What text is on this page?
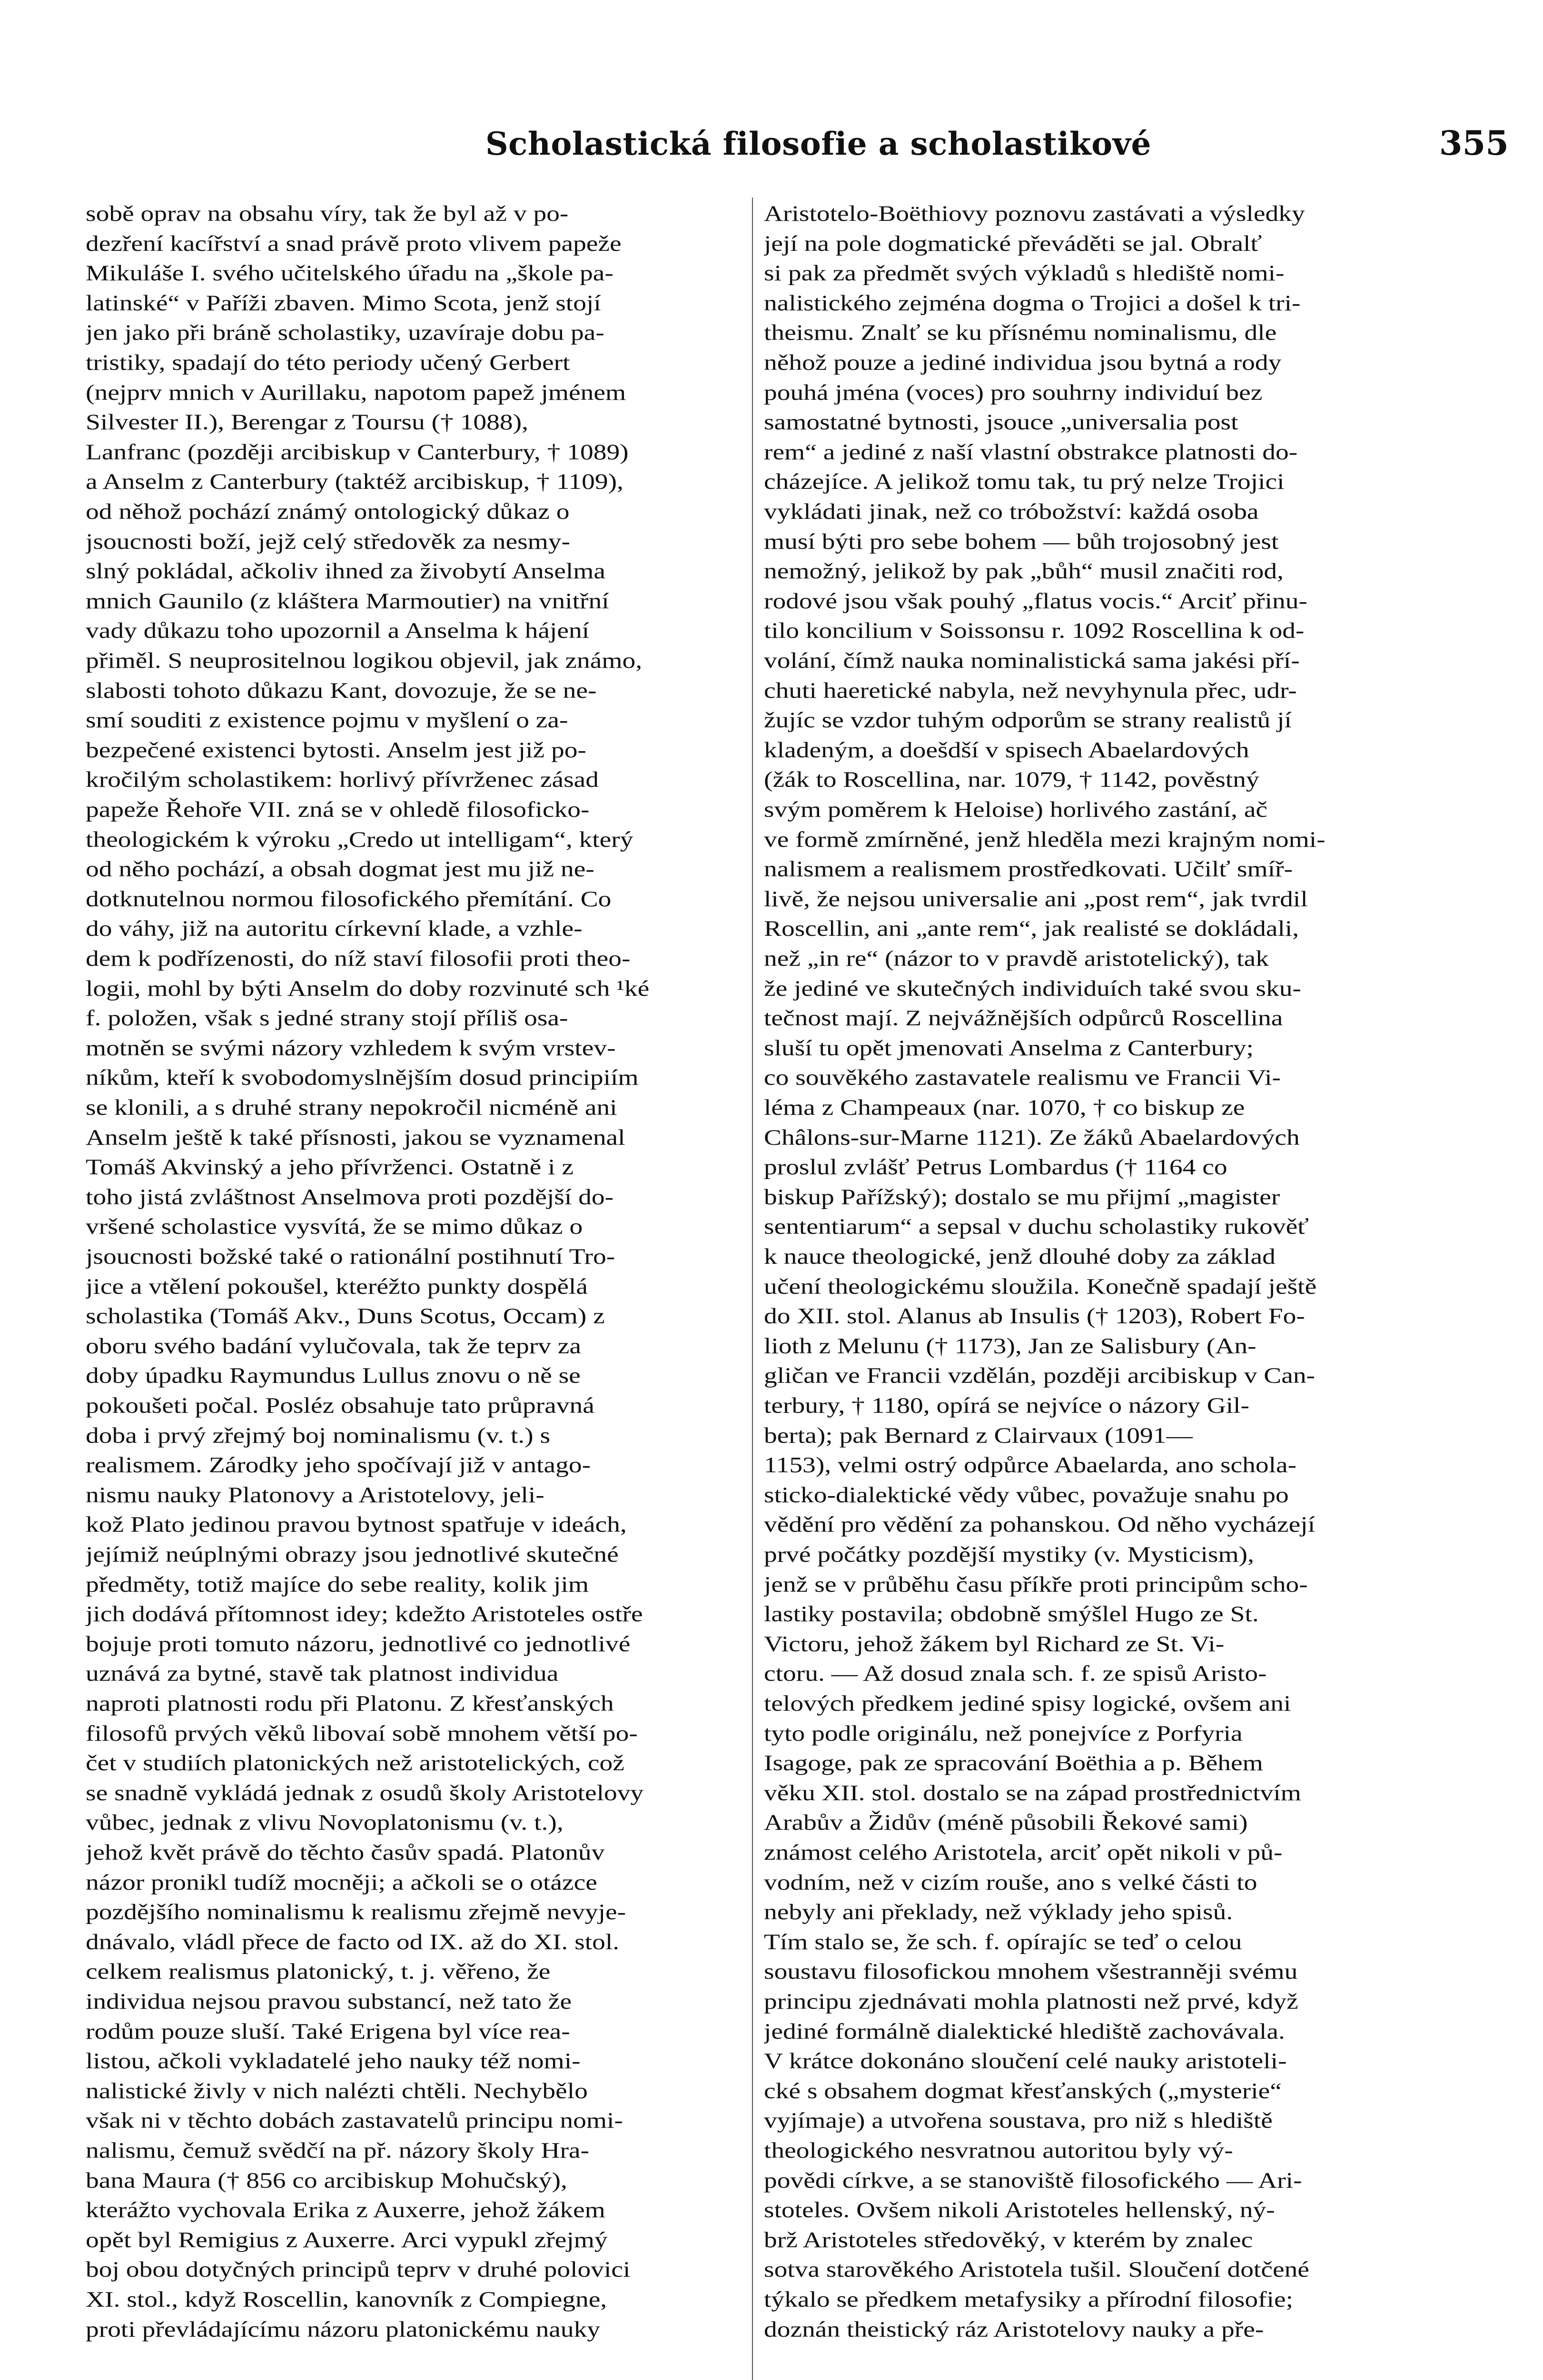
Scholastická filosofie a scholastikové	355
sobě oprav na obsahu víry, tak že byl až v po-
dezření kacířství a snad právě proto vlivem papeže
Mikuláše I. svého učitelského úřadu na „škole pa-
latinské“ v Paříži zbaven. Mimo Scota, jenž stojí
jen jako při bráně scholastiky, uzavíraje dobu pa-
tristiky, spadají do této periody učený Gerbert
(nejprv mnich v Aurillaku, napotom papež jménem
Silvester II.), Berengar z Toursu († 1088),
Lanfranc (později arcibiskup v Canterbury, † 1089)
a Anselm z Canterbury (taktéž arcibiskup, † 1109),
od něhož pochází známý ontologický důkaz o
jsoucnosti boží, jejž celý středověk za nesmy-
slný pokládal, ačkoliv ihned za živobytí Anselma
mnich Gaunilo (z kláštera Marmoutier) na vnitřní
vady důkazu toho upozornil a Anselma k hájení
přiměl. S neuprositelnou logikou objevil, jak známo,
slabosti tohoto důkazu Kant, dovozuje, že se ne-
smí souditi z existence pojmu v myšlení o za-
bezpečené existenci bytosti. Anselm jest již po-
kročilým scholastikem: horlivý přívrženec zásad
papeže Řehoře VII. zná se v ohledě filosoficko-
theologickém k výroku „Credo ut intelligam“, který
od něho pochází, a obsah dogmat jest mu již ne-
dotknutelnou normou filosofického přemítání. Co
do váhy, již na autoritu církevní klade, a vzhle-
dem k podřízenosti, do níž staví filosofii proti theo-
logii, mohl by býti Anselm do doby rozvinuté sch ¹ké
f. položen, však s jedné strany stojí příliš osa-
motněn se svými názory vzhledem k svým vrstev-
níkům, kteří k svobodomyslnějším dosud principiím
se klonili, a s druhé strany nepokročil nicméně ani
Anselm ještě k také přísnosti, jakou se vyznamenal
Tomáš Akvinský a jeho přívrženci. Ostatně i z
toho jistá zvláštnost Anselmova proti pozdější do-
vršené scholastice vysvítá, že se mimo důkaz o
jsoucnosti božské také o rationální postihnutí Tro-
jice a vtělení pokoušel, kteréžto punkty dospělá
scholastika (Tomáš Akv., Duns Scotus, Occam) z
oboru svého badání vylučovala, tak že teprv za
doby úpadku Raymundus Lullus znovu o ně se
pokoušeti počal. Posléz obsahuje tato průpravná
doba i prvý zřejmý boj nominalismu (v. t.) s
realismem. Zárodky jeho spočívají již v antago-
nismu nauky Platonovy a Aristotelovy, jeli-
kož Plato jedinou pravou bytnost spatřuje v ideách,
jejímiž neúplnými obrazy jsou jednotlivé skutečné
předměty, totiž majíce do sebe reality, kolik jim
jich dodává přítomnost idey; kdežto Aristoteles ostře
bojuje proti tomuto názoru, jednotlivé co jednotlivé
uznává za bytné, stavě tak platnost individua
naproti platnosti rodu při Platonu. Z křesťanských
filosofů prvých věků libovaí sobě mnohem větší po-
čet v studiích platonických než aristotelických, což
se snadně vykládá jednak z osudů školy Aristotelovy
vůbec, jednak z vlivu Novoplatonismu (v. t.),
jehož květ právě do těchto časův spadá. Platonův
názor pronikl tudíž mocněji; a ačkoli se o otázce
pozdějšího nominalismu k realismu zřejmě nevyje-
dnávalo, vládl přece de facto od IX. až do XI. stol.
celkem realismus platonický, t. j. věřeno, že
individua nejsou pravou substancí, než tato že
rodům pouze sluší. Také Erigena byl více rea-
listou, ačkoli vykladatelé jeho nauky též nomi-
nalistické živly v nich nalézti chtěli. Nechybělo
však ni v těchto dobách zastavatelů principu nomi-
nalismu, čemuž svědčí na př. názory školy Hra-
bana Maura († 856 co arcibiskup Mohučský),
kterážto vychovala Erika z Auxerre, jehož žákem
opět byl Remigius z Auxerre. Arci vypukl zřejmý
boj obou dotyčných principů teprv v druhé polovici
XI. stol., když Roscellin, kanovník z Compiegne,
proti převládajícímu názoru platonickému nauky
Aristotelo-Boëthiovy poznovu zastávati a výsledky
její na pole dogmatické převáděti se jal. Obralť
si pak za předmět svých výkladů s hlediště nomi-
nalistického zejména dogma o Trojici a došel k tri-
theismu. Znalť se ku přísnému nominalismu, dle
něhož pouze a jediné individua jsou bytná a rody
pouhá jména (voces) pro souhrny individuí bez
samostatné bytnosti, jsouce „universalia post
rem“ a jediné z naší vlastní obstrakce platnosti do-
cházejíce. A jelikož tomu tak, tu prý nelze Trojici
vykládati jinak, než co tróbožství: každá osoba
musí býti pro sebe bohem — bůh trojosobný jest
nemožný, jelikož by pak „bůh“ musil značiti rod,
rodové jsou však pouhý „flatus vocis.“ Arciť přinu-
tilo koncilium v Soissonsu r. 1092 Roscellina k od-
volání, čímž nauka nominalistická sama jakési pří-
chuti haeretické nabyla, než nevyhynula přec, udr-
žujíc se vzdor tuhým odporům se strany realistů jí
kladeným, a doešdší v spisech Abaelardových
(žák to Roscellina, nar. 1079, † 1142, pověstný
svým poměrem k Heloise) horlivého zastání, ač
ve formě zmírněné, jenž hleděla mezi krajným nomi-
nalismem a realismem prostředkovati. Učilť smíř-
livě, že nejsou universalie ani „post rem“, jak tvrdil
Roscellin, ani „ante rem“, jak realisté se dokládali,
než „in re“ (názor to v pravdě aristotelický), tak
že jediné ve skutečných individuích také svou sku-
tečnost mají. Z nejvážnějších odpůrců Roscellina
sluší tu opět jmenovati Anselma z Canterbury;
co souvěkého zastavatele realismu ve Francii Vi-
léma z Champeaux (nar. 1070, † co biskup ze
Châlons-sur-Marne 1121). Ze žáků Abaelardových
proslul zvlášť Petrus Lombardus († 1164 co
biskup Pařížský); dostalo se mu přijmí „magister
sententiarum“ a sepsal v duchu scholastiky rukověť
k nauce theologické, jenž dlouhé doby za základ
učení theologickému sloužila. Konečně spadají ještě
do XII. stol. Alanus ab Insulis († 1203), Robert Fo-
lioth z Melunu († 1173), Jan ze Salisbury (An-
gličan ve Francii vzdělán, později arcibiskup v Can-
terbury, † 1180, opírá se nejvíce o názory Gil-
berta); pak Bernard z Clairvaux (1091—
1153), velmi ostrý odpůrce Abaelarda, ano schola-
sticko-dialektické vědy vůbec, považuje snahu po
vědění pro vědění za pohanskou. Od něho vycházejí
prvé počátky pozdější mystiky (v. Mysticism),
jenž se v průběhu času příkře proti principům scho-
lastiky postavila; obdobně smýšlel Hugo ze St.
Victoru, jehož žákem byl Richard ze St. Vi-
ctoru. — Až dosud znala sch. f. ze spisů Aristo-
telových předkem jediné spisy logické, ovšem ani
tyto podle originálu, než ponejvíce z Porfyria
Isagoge, pak ze spracování Boëthia a p. Během
věku XII. stol. dostalo se na západ prostřednictvím
Arabův a Židův (méně působili Řekové sami)
známost celého Aristotela, arciť opět nikoli v pů-
vodním, než v cizím rouše, ano s velké části to
nebyly ani překlady, než výklady jeho spisů.
Tím stalo se, že sch. f. opírajíc se teď o celou
soustavu filosofickou mnohem všestranněji svému
principu zjednávati mohla platnosti než prvé, když
jediné formálně dialektické hlediště zachovávala.
V krátce dokonáno sloučení celé nauky aristoteli-
cké s obsahem dogmat křesťanských („mysterie“
vyjímaje) a utvořena soustava, pro niž s hlediště
theologického nesvratnou autoritou byly vý-
povědi církve, a se stanoviště filosofického — Ari-
stoteles. Ovšem nikoli Aristoteles hellenský, ný-
brž Aristoteles středověký, v kterém by znalec
sotva starověkého Aristotela tušil. Sloučení dotčené
týkalo se předkem metafysiky a přírodní filosofie;
doznán theistický ráz Aristotelovy nauky a pře-
